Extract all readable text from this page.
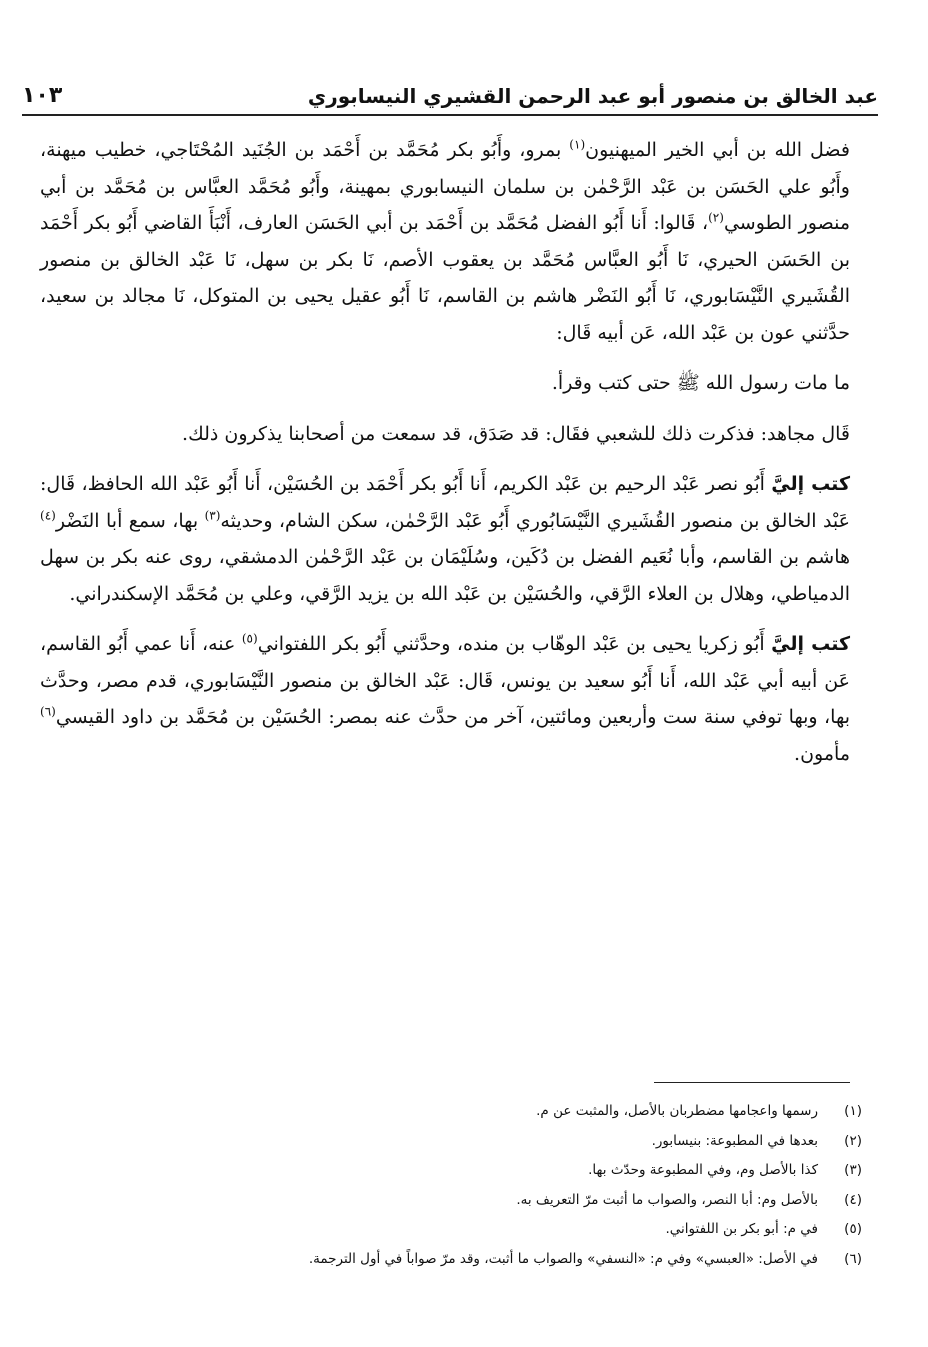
عبد الخالق بن منصور أبو عبد الرحمن القشيري النيسابوري
١٠٣

فضل الله بن أبي الخير الميهنيون$^{(١)}$ بمرو، وأَبُو بكر مُحَمَّد بن أَحْمَد بن الجُنَيد المُحْتَاجي، خطيب ميهنة، وأَبُو علي الحَسَن بن عَبْد الرَّحْمٰن بن سلمان النيسابوري بمهينة، وأَبُو مُحَمَّد العبَّاس بن مُحَمَّد بن أبي منصور الطوسي$^{(٢)}$، قَالوا: أَنا أَبُو الفضل مُحَمَّد بن أَحْمَد بن أبي الحَسَن العارف، أَنْبَأَ القاضي أَبُو بكر أَحْمَد بن الحَسَن الحيري، نَا أَبُو العبَّاس مُحَمَّد بن يعقوب الأصم، نَا بكر بن سهل، نَا عَبْد الخالق بن منصور القُشَيري النَّيْسَابوري، نَا أَبُو النَضْر هاشم بن القاسم، نَا أَبُو عقيل يحيى بن المتوكل، نَا مجالد بن سعيد، حدَّثني عون بن عَبْد الله، عَن أبيه قَال:

ما مات رسول الله ﷺ حتى كتب وقرأ.

قَال مجاهد: فذكرت ذلك للشعبي فقَال: قد صَدَق، قد سمعت من أصحابنا يذكرون ذلك.

كتب إليَّ أَبُو نصر عَبْد الرحيم بن عَبْد الكريم، أَنا أَبُو بكر أَحْمَد بن الحُسَيْن، أَنا أَبُو عَبْد الله الحافظ، قَال: عَبْد الخالق بن منصور القُشَيري النَّيْسَابُوري أَبُو عَبْد الرَّحْمٰن، سكن الشام، وحديثه$^{(٣)}$ بها، سمع أبا النَضْر$^{(٤)}$ هاشم بن القاسم، وأبا نُعَيم الفضل بن دُكَين، وسُلَيْمَان بن عَبْد الرَّحْمٰن الدمشقي، روى عنه بكر بن سهل الدمياطي، وهلال بن العلاء الرَّقي، والحُسَيْن بن عَبْد الله بن يزيد الرَّقي، وعلي بن مُحَمَّد الإسكندراني.

كتب إليَّ أَبُو زكريا يحيى بن عَبْد الوهّاب بن منده، وحدَّثني أَبُو بكر اللفتواني$^{(٥)}$ عنه، أَنا عمي أَبُو القاسم، عَن أبيه أبي عَبْد الله، أَنا أَبُو سعيد بن يونس، قَال: عَبْد الخالق بن منصور النَّيْسَابوري، قدم مصر، وحدَّث بها، وبها توفي سنة ست وأربعين ومائتين، آخر من حدَّث عنه بمصر: الحُسَيْن بن مُحَمَّد بن داود القيسي$^{(٦)}$ مأمون.

(١)
رسمها واعجامها مضطربان بالأصل، والمثبت عن م.
(٢)
بعدها في المطبوعة: بنيسابور.
(٣)
كذا بالأصل وم، وفي المطبوعة وحدّث بها.
(٤)
بالأصل وم: أبا النصر، والصواب ما أثبت مرّ التعريف به.
(٥)
في م: أبو بكر بن اللفتواني.
(٦)
في الأصل: «العبسي» وفي م: «النسفي» والصواب ما أثبت، وقد مرّ صواباً في أول الترجمة.
